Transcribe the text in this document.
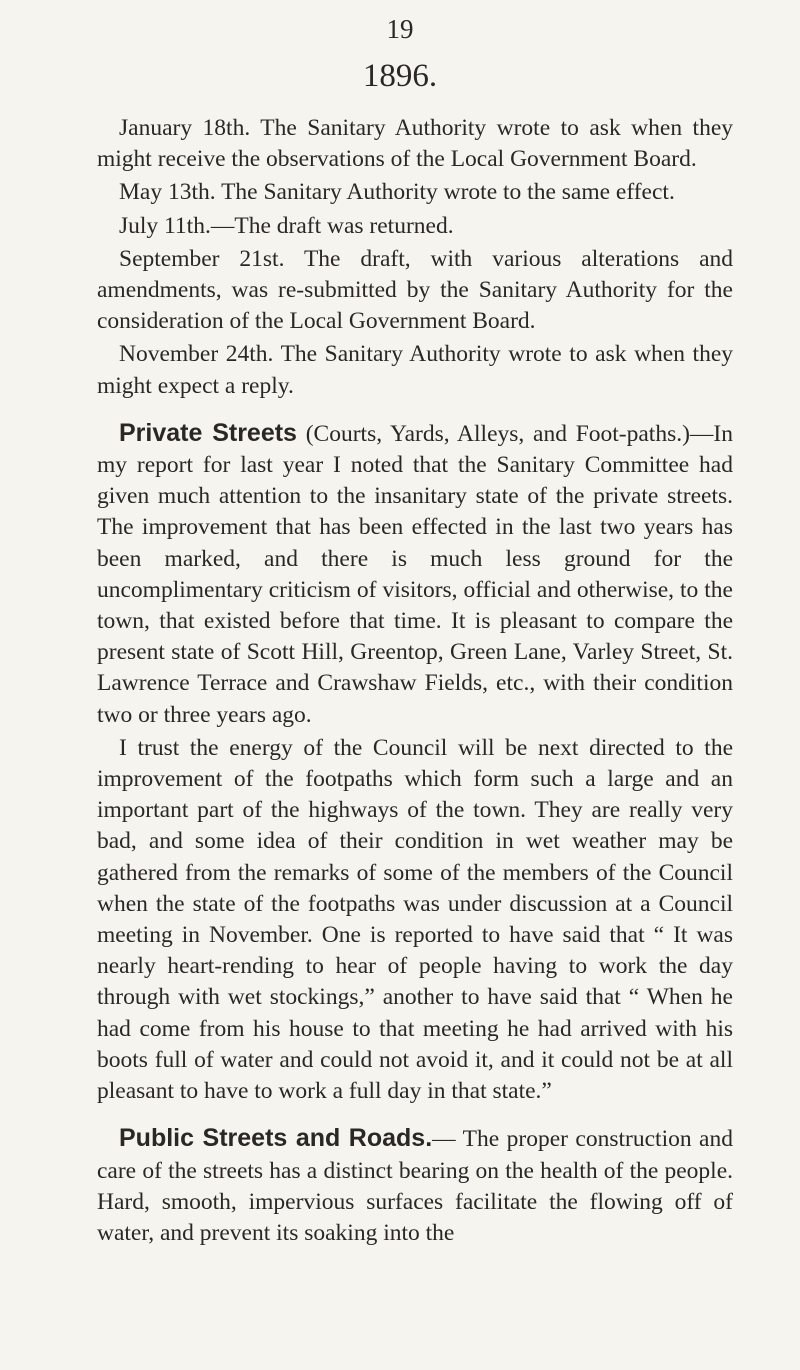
19
1896.

January 18th. The Sanitary Authority wrote to ask when they might receive the observations of the Local Government Board.

May 13th. The Sanitary Authority wrote to the same effect.

July 11th.—The draft was returned.

September 21st. The draft, with various alterations and amendments, was re-submitted by the Sanitary Authority for the consideration of the Local Government Board.

November 24th. The Sanitary Authority wrote to ask when they might expect a reply.

Private Streets (Courts, Yards, Alleys, and Foot-paths.)—In my report for last year I noted that the Sanitary Committee had given much attention to the insanitary state of the private streets. The improvement that has been effected in the last two years has been marked, and there is much less ground for the uncomplimentary criticism of visitors, official and otherwise, to the town, that existed before that time. It is pleasant to compare the present state of Scott Hill, Greentop, Green Lane, Varley Street, St. Lawrence Terrace and Crawshaw Fields, etc., with their condition two or three years ago.

I trust the energy of the Council will be next directed to the improvement of the footpaths which form such a large and an important part of the highways of the town. They are really very bad, and some idea of their condition in wet weather may be gathered from the remarks of some of the members of the Council when the state of the footpaths was under discussion at a Council meeting in November. One is reported to have said that “ It was nearly heart-rending to hear of people having to work the day through with wet stockings,” another to have said that “ When he had come from his house to that meeting he had arrived with his boots full of water and could not avoid it, and it could not be at all pleasant to have to work a full day in that state.”

Public Streets and Roads.— The proper construction and care of the streets has a distinct bearing on the health of the people. Hard, smooth, impervious surfaces facilitate the flowing off of water, and prevent its soaking into the
